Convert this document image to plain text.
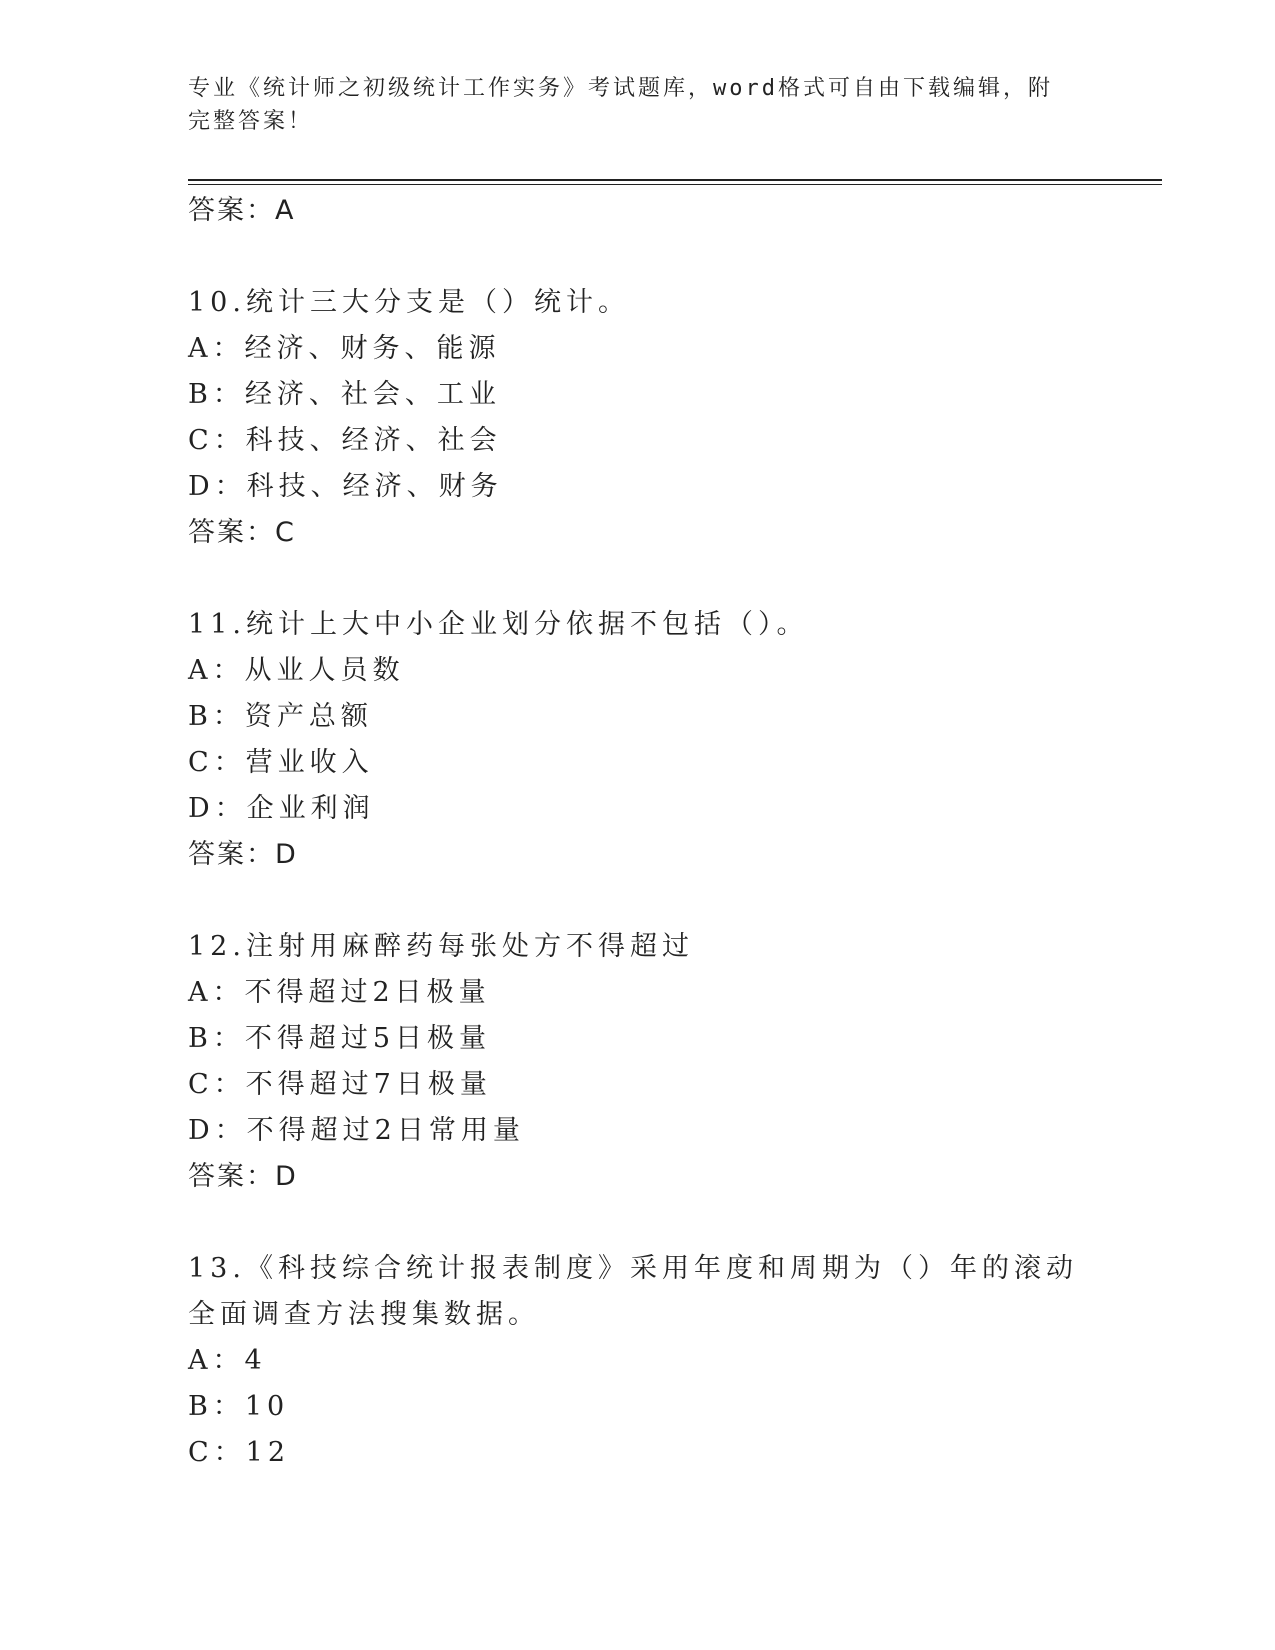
专业《统计师之初级统计工作实务》考试题库，word格式可自由下载编辑，附完整答案！
答案：A
10.统计三大分支是（）统计。
A：经济、财务、能源
B：经济、社会、工业
C：科技、经济、社会
D：科技、经济、财务
答案：C
11.统计上大中小企业划分依据不包括（）。
A：从业人员数
B：资产总额
C：营业收入
D：企业利润
答案：D
12.注射用麻醉药每张处方不得超过
A：不得超过2日极量
B：不得超过5日极量
C：不得超过7日极量
D：不得超过2日常用量
答案：D
13.《科技综合统计报表制度》采用年度和周期为（）年的滚动全面调查方法搜集数据。
A：4
B：10
C：12
